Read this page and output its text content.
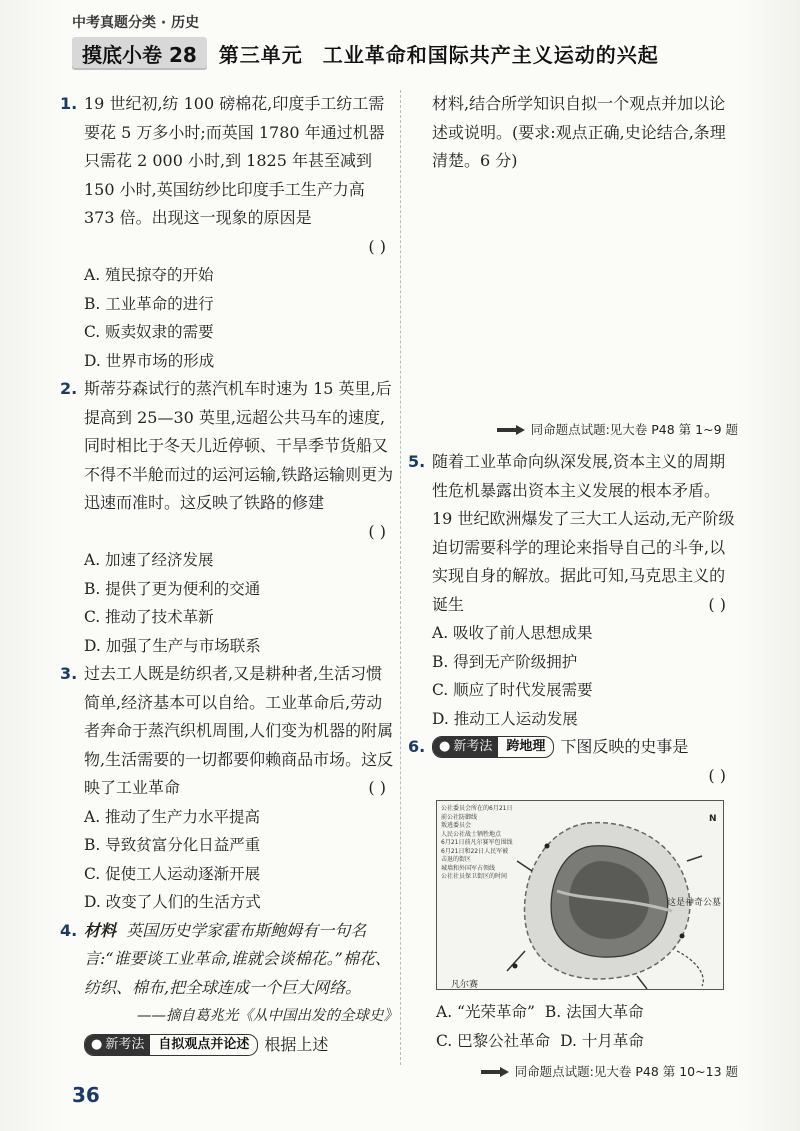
中考真题分类 · 历史
摸底小卷 28	第三单元 工业革命和国际共产主义运动的兴起
1. 19 世纪初,纺 100 磅棉花,印度手工纺工需要花 5 万多小时;而英国 1780 年通过机器只需花 2 000 小时,到 1825 年甚至减到 150 小时,英国纺纱比印度手工生产力高 373 倍。出现这一现象的原因是
( )
A. 殖民掠夺的开始
B. 工业革命的进行
C. 贩卖奴隶的需要
D. 世界市场的形成
2. 斯蒂芬森试行的蒸汽机车时速为 15 英里,后提高到 25—30 英里,远超公共马车的速度,同时相比于冬天儿近停顿、干旱季节货船又不得不半舱而过的运河运输,铁路运输则更为迅速而准时。这反映了铁路的修建
( )
A. 加速了经济发展
B. 提供了更为便利的交通
C. 推动了技术革新
D. 加强了生产与市场联系
3. 过去工人既是纺织者,又是耕种者,生活习惯简单,经济基本可以自给。工业革命后,劳动者奔命于蒸汽织机周围,人们变为机器的附属物,生活需要的一切都要仰赖商品市场。这反映了工业革命	( )
A. 推动了生产力水平提高
B. 导致贫富分化日益严重
C. 促使工人运动逐渐开展
D. 改变了人们的生活方式
4. 材料 英国历史学家霍布斯鲍姆有一句名言:“谁要谈工业革命,谁就会谈棉花。”棉花、纺织、棉布,把全球连成一个巨大网络。
——摘自葛兆光《从中国出发的全球史》
● 新考法	自拟观点并论述 根据上述
材料,结合所学知识自拟一个观点并加以论述或说明。(要求:观点正确,史论结合,条理清楚。6 分)
同命题点试题:见大卷 P48 第 1~9 题
5. 随着工业革命向纵深发展,资本主义的周期性危机暴露出资本主义发展的根本矛盾。19 世纪欧洲爆发了三大工人运动,无产阶级迫切需要科学的理论来指导自己的斗争,以实现自身的解放。据此可知,马克思主义的诞生	( )
A. 吸收了前人思想成果
B. 得到无产阶级拥护
C. 顺应了时代发展需要
D. 推动工人运动发展
6. ● 新考法	跨地理 下图反映的史事是
( )
公社委员会所在的6月21日前公社防御线
叛逃委员会
人民公社战士牺牲地点
6月21日前凡尔赛军包围线
6月21日和22日人民军被击退的街区
城墙和外国军占领线
公社社员保卫街区的时间
这是神奇公墓
凡尔赛
N
A. “光荣革命” B. 法国大革命
C. 巴黎公社革命 D. 十月革命
同命题点试题:见大卷 P48 第 10~13 题
36
